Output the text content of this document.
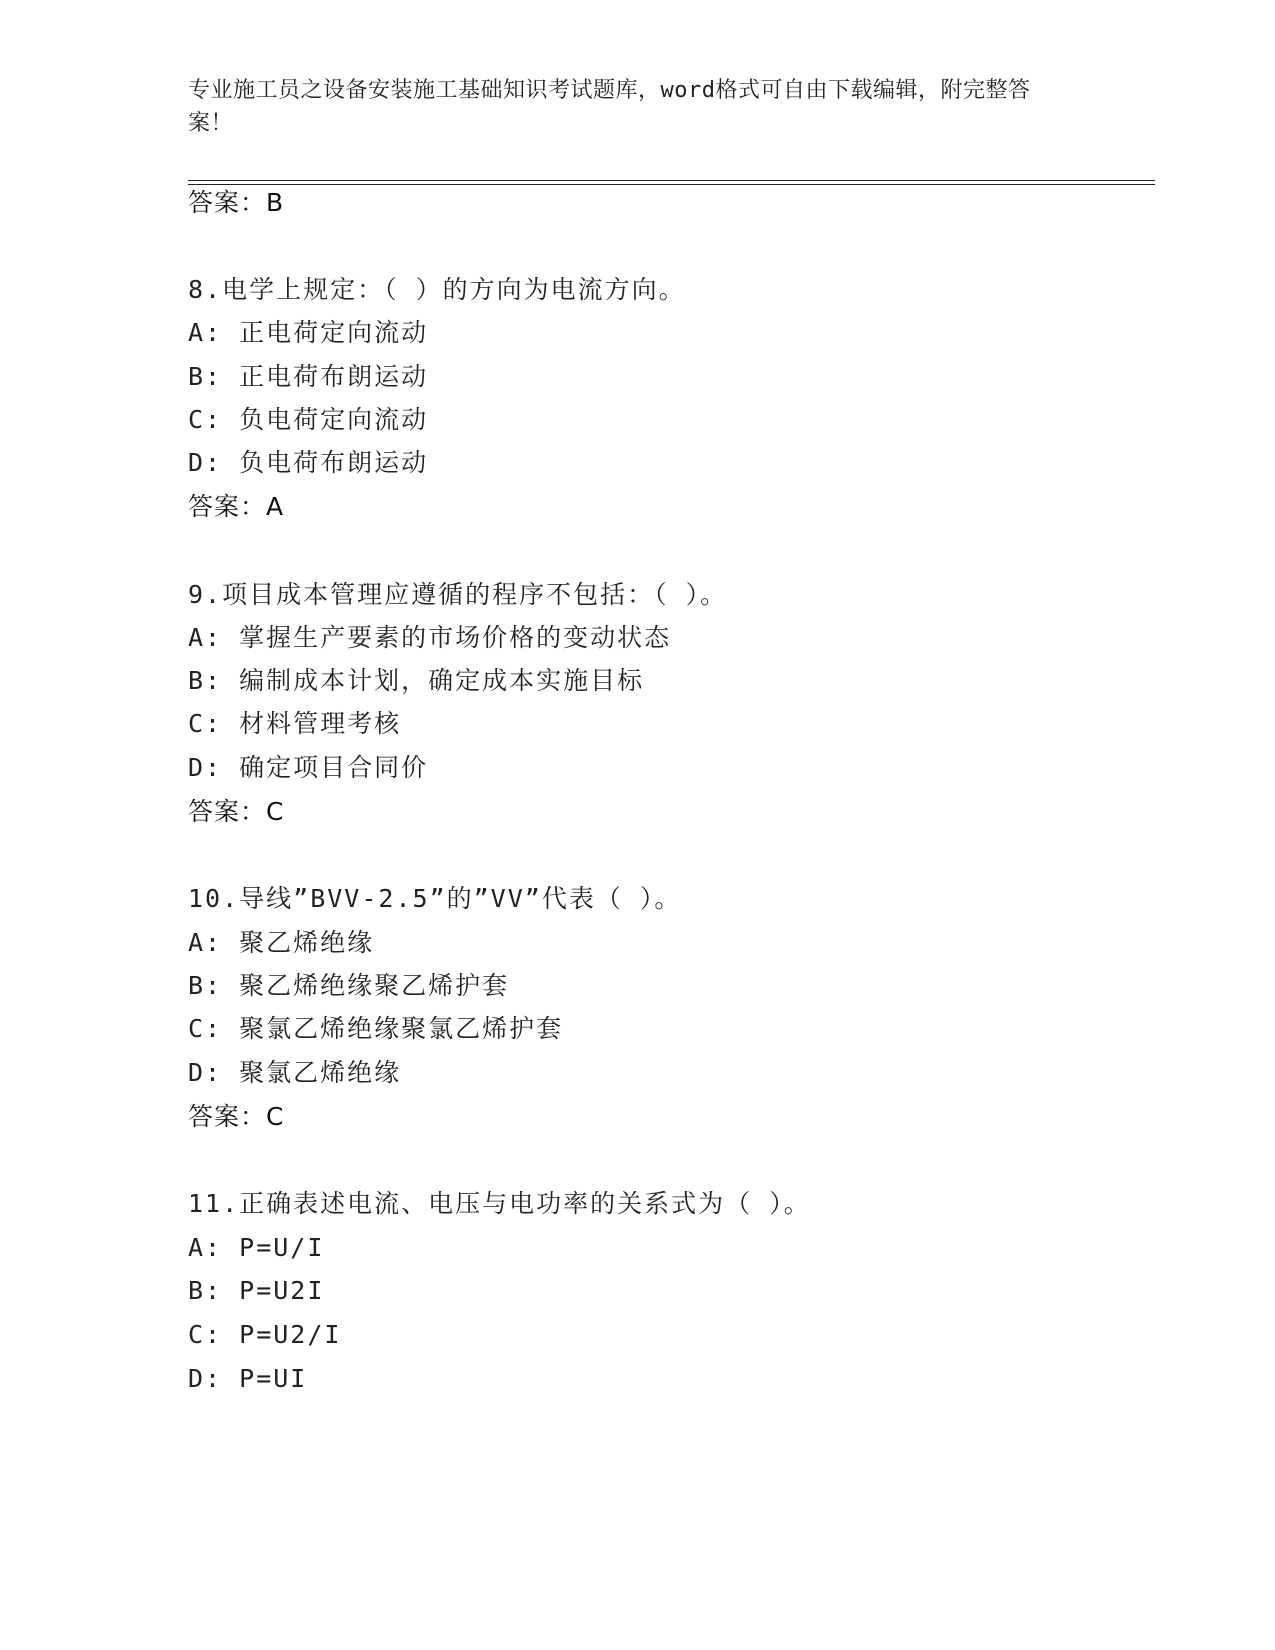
专业施工员之设备安装施工基础知识考试题库，word格式可自由下载编辑，附完整答案！
答案：B
8.电学上规定：（ ）的方向为电流方向。
A: 正电荷定向流动
B: 正电荷布朗运动
C: 负电荷定向流动
D: 负电荷布朗运动
答案：A
9.项目成本管理应遵循的程序不包括：（ ）。
A: 掌握生产要素的市场价格的变动状态
B: 编制成本计划，确定成本实施目标
C: 材料管理考核
D: 确定项目合同价
答案：C
10.导线”BVV-2.5”的”VV”代表（ ）。
A: 聚乙烯绝缘
B: 聚乙烯绝缘聚乙烯护套
C: 聚氯乙烯绝缘聚氯乙烯护套
D: 聚氯乙烯绝缘
答案：C
11.正确表述电流、电压与电功率的关系式为（ ）。
A: P=U/I
B: P=U2I
C: P=U2/I
D: P=UI
